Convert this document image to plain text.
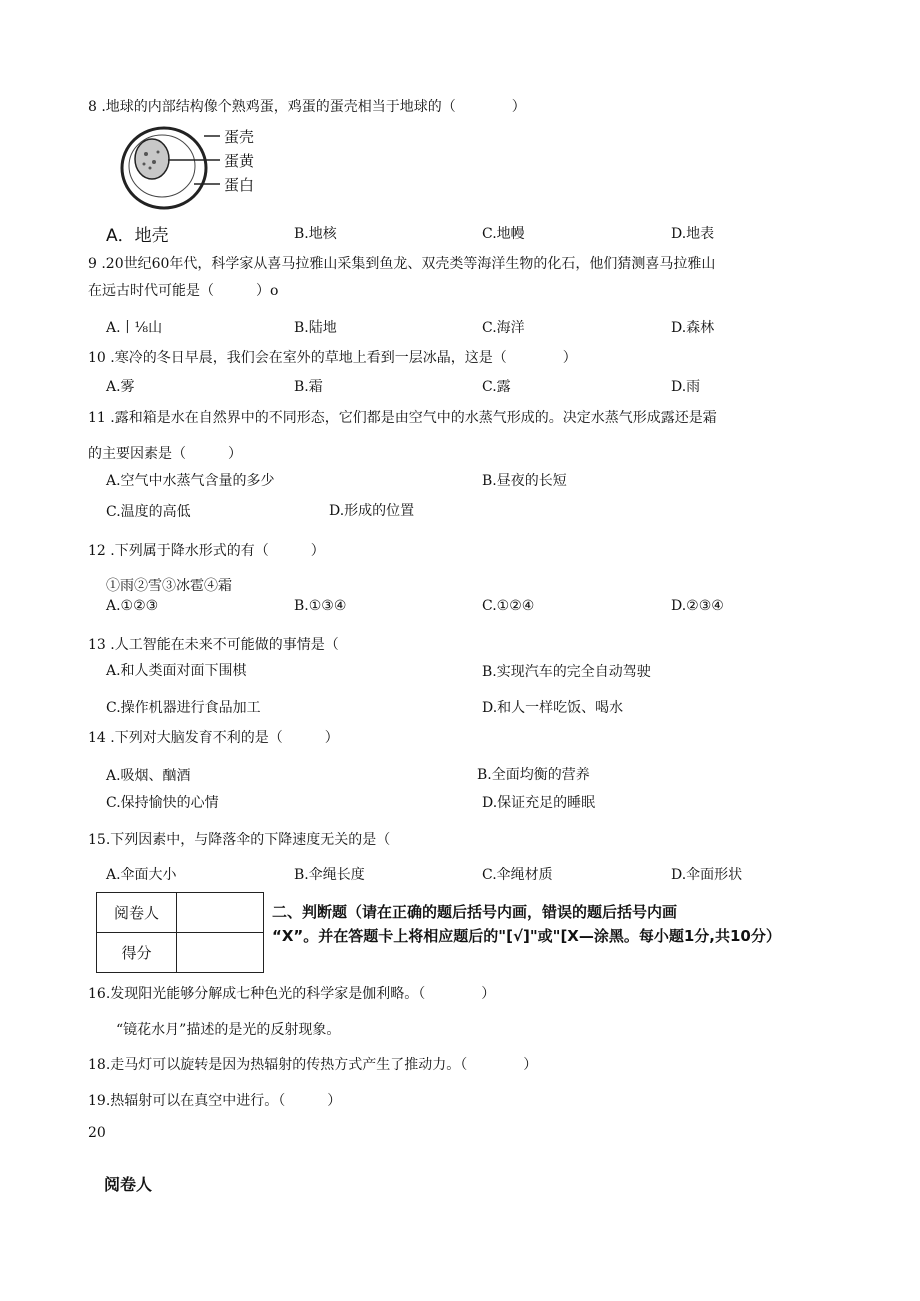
8 .地球的内部结构像个熟鸡蛋，鸡蛋的蛋壳相当于地球的（　　　　）
蛋壳
蛋黄
蛋白
A．地壳	B.地核	C.地幔	D.地表
9 .20世纪60年代，科学家从喜马拉雅山采集到鱼龙、双壳类等海洋生物的化石，他们猜测喜马拉雅山
在远古时代可能是（　　　）o
A.丨⅛山	B.陆地	C.海洋	D.森林
10 .寒冷的冬日早晨，我们会在室外的草地上看到一层冰晶，这是（　　　　）
A.雾	B.霜	C.露	D.雨
11 .露和箱是水在自然界中的不同形态，它们都是由空气中的水蒸气形成的。决定水蒸气形成露还是霜
的主要因素是（　　　）
A.空气中水蒸气含量的多少	B.昼夜的长短
C.温度的高低	D.形成的位置
12 .下列属于降水形式的有（　　　）
①雨②雪③冰雹④霜
A.①②③	B.①③④	C.①②④	D.②③④
13 .人工智能在未来不可能做的事情是（
A.和人类面对面下围棋	B.实现汽车的完全自动驾驶
C.操作机器进行食品加工	D.和人一样吃饭、喝水
14 .下列对大脑发育不利的是（　　　）
A.吸烟、酗酒	B.全面均衡的营养
C.保持愉快的心情	D.保证充足的睡眠
15.下列因素中，与降落伞的下降速度无关的是（
A.伞面大小	B.伞绳长度	C.伞绳材质	D.伞面形状
阅卷人	
得分	
二、判断题（请在正确的题后括号内画，错误的题后括号内画
“X”。并在答题卡上将相应题后的"[√]"或"[X—涂黑。每小题1分,共10分）
16.发现阳光能够分解成七种色光的科学家是伽利略。（　　　　）
“镜花水月”描述的是光的反射现象。
18.走马灯可以旋转是因为热辐射的传热方式产生了推动力。（　　　　）
19.热辐射可以在真空中进行。（　　　）
20
阅卷人
